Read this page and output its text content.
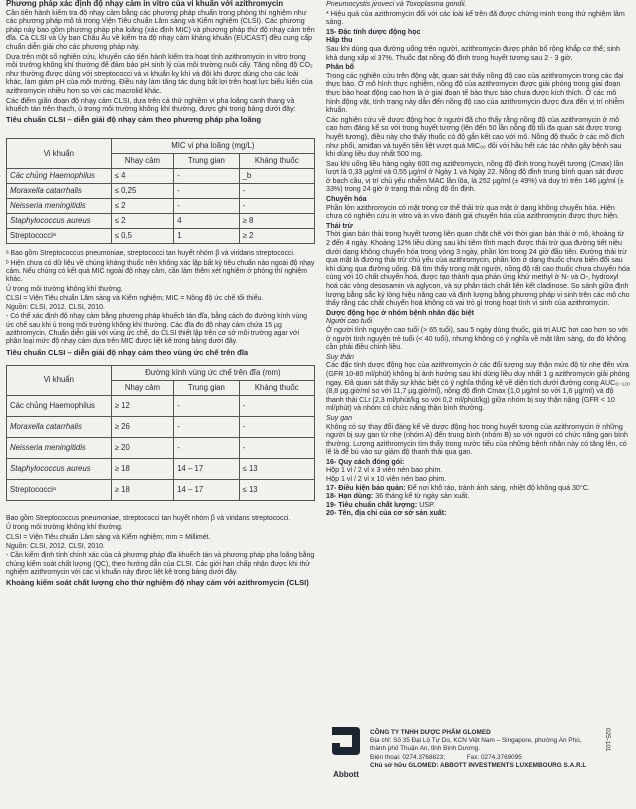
Phương pháp xác định độ nhạy cảm in vitro của vi khuẩn với azithromycin

Cần tiến hành kiểm tra độ nhạy cảm bằng các phương pháp chuẩn trong phòng thí nghiệm như các phương pháp mô tả trong Viện Tiêu chuẩn Lâm sàng và Kiểm nghiệm (CLSI). Các phương pháp này bao gồm phương pháp pha loãng (xác định MIC) và phương pháp thử độ nhạy cảm trên đĩa. Cả CLSI và Ủy ban Châu Âu về kiểm tra độ nhạy cảm kháng khuẩn (EUCAST) đều cung cấp chuẩn diễn giải cho các phương pháp này.

Dựa trên một số nghiên cứu, khuyến cáo tiến hành kiểm tra hoạt tính azithromycin in vitro trong môi trường không khí thường để đảm bảo pH sinh lý của môi trường nuôi cấy. Tăng nồng độ CO₂ như thường được dùng với streptococci và vi khuẩn kỵ khí và đôi khi được dùng cho các loài khác, làm giảm pH của môi trường. Điều này làm tăng tác dụng bất lợi trên hoạt lực biểu kiến của azithromycin nhiều hơn so với các macrolid khác.

Các điểm giãn đoạn độ nhạy cảm CLSI, dựa trên cả thử nghiệm vi pha loãng canh thang và khuếch tán trên thạch, ủ trong môi trường không khí thường, được ghi trong bảng dưới đây:

Tiêu chuẩn CLSI – diễn giải độ nhạy cảm theo phương pháp pha loãng
Vi khuẩn	MIC vi pha loãng (mg/L)		
	Nhạy cảm	Trung gian	Kháng thuốc
Các chủng Haemophilus	≤ 4	-	_b
Moraxella catarrhalis	≤ 0,25	-	-
Neisseria meningitidis	≤ 2	-	-
Staphylococcus aureus	≤ 2	4	≥ 8
Streptococciᵃ	≤ 0,5	1	≥ 2

ᵃ Bao gồm Streptococcus pneumoniae, streptococci tan huyết nhóm β và viridans streptococci.

ᵇ Hiện chưa có dữ liệu về chủng kháng thuốc nên không xác lập bất kỳ tiêu chuẩn nào ngoài độ nhạy cảm. Nếu chủng có kết quả MIC ngoài độ nhạy cảm, cần làm thêm xét nghiệm ở phòng thí nghiệm khác.

Ủ trong môi trường không khí thường.

CLSI = Viện Tiêu chuẩn Lâm sàng và Kiểm nghiệm; MIC = Nồng độ ức chế tối thiểu.

Nguồn: CLSI, 2012. CLSI, 2010.

- Có thể xác định độ nhạy cảm bằng phương pháp khuếch tán đĩa, bằng cách đo đường kính vùng ức chế sau khi ủ trong môi trường không khí thường. Các đĩa đo độ nhạy cảm chứa 15 µg azithromycin. Chuẩn diễn giải với vùng ức chế, do CLSI thiết lập trên cơ sở môi trường agar với phân loại mức độ nhạy cảm dựa trên MIC được liệt kê trong bảng dưới đây.

Tiêu chuẩn CLSI – diễn giải độ nhạy cảm theo vùng ức chế trên đĩa
Vi khuẩn	Đường kính vùng ức chế trên đĩa (mm)		
	Nhạy cảm	Trung gian	Kháng thuốc
Các chủng Haemophilus	≥ 12	-	-
Moraxella catarrhalis	≥ 26	-	-
Neisseria meningitidis	≥ 20	-	-
Staphylococcus aureus	≥ 18	14 – 17	≤ 13
Streptococciᵃ	≥ 18	14 – 17	≤ 13

Bao gồm Streptococcus pneumoniae, streptococci tan huyết nhóm β và viridans streptococci.

Ủ trong môi trường không khí thường.

CLSI = Viện Tiêu chuẩn Lâm sàng và Kiểm nghiệm; mm = Millimét.

Nguồn: CLSI, 2012. CLSI, 2010.

- Cần kiểm định tính chính xác của cả phương pháp đĩa khuếch tán và phương pháp pha loãng bằng chủng kiểm soát chất lượng (QC), theo hướng dẫn của CLSI. Các giới hạn chấp nhận được khi thử nghiệm azithromycin với các vi khuẩn này được liệt kê trong bảng dưới đây.

Khoảng kiểm soát chất lượng cho thử nghiệm độ nhạy cảm với azithromycin (CLSI)

Pneumocystis jiroveci và Toxoplasma gondii.

* Hiệu quả của azithromycin đối với các loài kể trên đã được chứng minh trong thử nghiệm lâm sàng.

15- Đặc tính dược động học
Hấp thu

Sau khi dùng qua đường uống trên người, azithromycin được phân bố rộng khắp cơ thể; sinh khả dụng xấp xỉ 37%. Thuốc đạt nồng độ đỉnh trong huyết tương sau 2 - 3 giờ.

Phân bố

Trong các nghiên cứu trên động vật, quan sát thấy nồng độ cao của azithromycin trong các đại thực bào. Ở mô hình thực nghiệm, nồng độ của azithromycin được giải phóng trong giai đoạn thực bào hoạt động cao hơn là ở giai đoạn tế bào thực bào chưa được kích thích. Ở các mô hình động vật, tính trạng này dẫn đến nồng độ cao của azithromycin được đưa đến vị trí nhiễm khuẩn.

Các nghiên cứu về dược động học ở người đã cho thấy rằng nồng độ của azithromycin ở mô cao hơn đáng kể so với trong huyết tương (lên đến 50 lần nồng độ tối đa quan sát được trong huyết tương), điều này cho thấy thuốc có độ gắn kết cao với mô. Nồng độ thuốc ở các mô đích như phổi, amiđan và tuyến tiền liệt vượt quá MIC₉₀ đối với hầu hết các tác nhân gây bệnh sau khi dùng liều duy nhất 500 mg.

Sau khi uống liều hàng ngày 600 mg azithromycin, nồng độ đỉnh trong huyết tương (Cmax) lần lượt là 0,33 µg/ml và 0,55 µg/ml ở Ngày 1 và Ngày 22. Nồng độ đỉnh trung bình quan sát được ở bạch cầu, vị trí chủ yếu nhiễm MAC lần lõa, là 252 µg/ml (± 49%) và duy trì trên 146 µg/ml (± 33%) trong 24 giờ ở trạng thái nồng độ ổn định.

Chuyển hóa

Phần lớn azithromycin có mặt trong cơ thể thải trừ qua mật ở dạng không chuyển hóa. Hiện chưa có nghiên cứu in vitro và in vivo đánh giá chuyển hóa của azithromycin được thực hiện.

Thải trừ

Thời gian bán thải trong huyết tương liên quan chặt chẽ với thời gian bán thải ở mô, khoảng từ 2 đến 4 ngày. Khoảng 12% liều dùng sau khi tiêm tĩnh mạch được thải trừ qua đường tiết niệu dưới dạng không chuyển hóa trong vòng 3 ngày, phần lớn trong 24 giờ đầu tiên. Đường thải trừ qua mật là đường thải trừ chủ yếu của azithromycin, phần lớn ở dạng thuốc chưa biến đổi sau khi dùng qua đường uống. Đã tìm thấy trong mật người, nồng độ rất cao thuốc chưa chuyển hóa cùng với 10 chất chuyển hoá, được tạo thành qua phản ứng khử methyl ở N- và O-, hydroxyl hoá các vòng desosamin và aglycon, và sự phân tách chất liên kết cladinose. So sánh giữa định lượng bằng sắc ký lỏng hiệu năng cao và định lượng bằng phương pháp vi sinh trên các mô cho thấy rằng các chất chuyển hoá không có vai trò gì trong hoạt tính vi sinh của azithromycin.

Dược động học ở nhóm bệnh nhân đặc biệt
Người cao tuổi

Ở người tình nguyện cao tuổi (> 65 tuổi), sau 5 ngày dùng thuốc, giá trị AUC hơi cao hơn so với ở người tình nguyện trẻ tuổi (< 40 tuổi), nhưng không có ý nghĩa về mặt lâm sàng, do đó không cần phải điều chỉnh liều.

Suy thận

Các đặc tính dược động học của azithromycin ở các đối tượng suy thận mức độ từ nhẹ đến vừa (GFR 10-80 ml/phút) không bị ảnh hưởng sau khi dùng liều duy nhất 1 g azithromycin giải phóng ngay. Đã quan sát thấy sự khác biệt có ý nghĩa thống kê về diện tích dưới đường cong AUC₀₋₁₂₀ (8,8 µg.giờ/ml so với 11,7 µg.giờ/ml), nồng độ đỉnh Cmax (1,0 µg/ml so với 1,6 µg/ml) và độ thanh thải CLr (2,3 ml/phút/kg so với 0,2 ml/phút/kg) giữa nhóm bị suy thận nặng (GFR < 10 ml/phút) và nhóm có chức năng thận bình thường.

Suy gan

Không có sự thay đổi đáng kể về dược động học trong huyết tương của azithromycin ở những người bị suy gan từ nhẹ (nhóm A) đến trung bình (nhóm B) so với người có chức năng gan bình thường. Lượng azithromycin tìm thấy trong nước tiểu của những bệnh nhân này có tăng lên, có lẽ là để bù vào sự giảm độ thanh thải qua gan.

16- Quy cách đóng gói:
Hộp 1 vỉ / 2 vỉ x 3 viên nén bao phim.
Hộp 1 vỉ / 2 vỉ x 10 viên nén bao phim.
17- Điều kiện bảo quản: Để nơi khô ráo, tránh ánh sáng, nhiệt độ không quá 30°C.
18- Hạn dùng: 36 tháng kể từ ngày sản xuất.
19- Tiêu chuẩn chất lượng: USP.
20- Tên, địa chỉ của cơ sở sản xuất:
Abbott
CÔNG TY TNHH DƯỢC PHẨM GLOMED
Địa chỉ: Số 35 Đại Lộ Tự Do, KCN Việt Nam – Singapore, phường An Phú,
thành phố Thuận An, tỉnh Bình Dương.
Điện thoại: 0274.3768823;	Fax: 0274.3769095
Chủ sở hữu GLOMED: ABBOTT INVESTMENTS LUXEMBOURG S.A.R.L
025-101
